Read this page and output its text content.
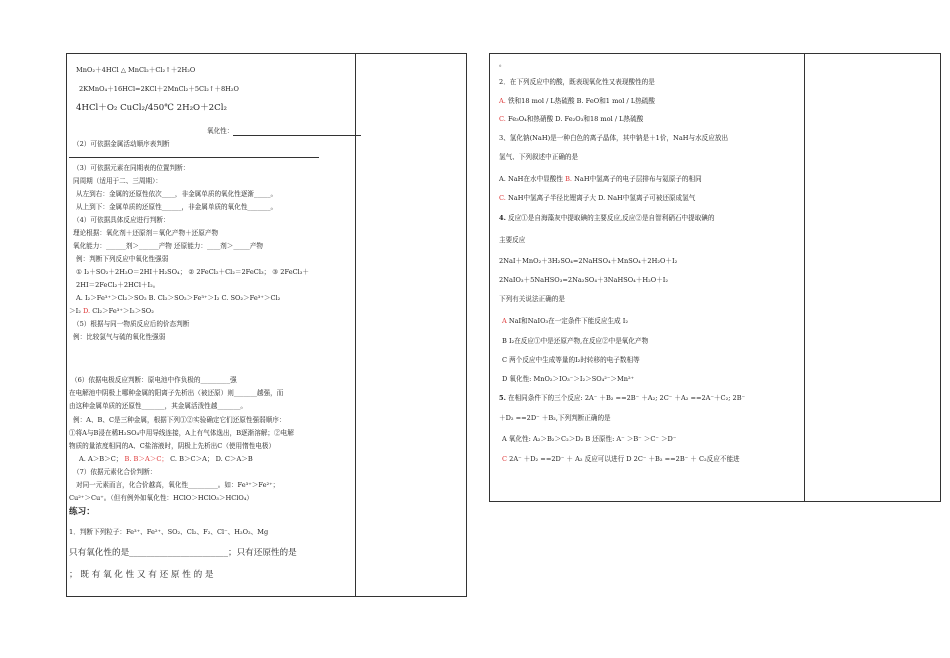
MnO₂＋4HCl △ MnCl₂＋Cl₂↑＋2H₂O
2KMnO₄＋16HCl=2KCl＋2MnCl₂＋5Cl₂↑＋8H₂O
4HCl＋O₂ CuCl₂/450℃ 2H₂O＋2Cl₂
氧化性：
（2）可依据金属活动顺序表判断
（3）可依据元素在同期表的位置判断：
同周期（适用于二、三周期）：
从左到右：金属的还原性依次____，非金属单质的氧化性逐渐_____。
从上到下：金属单质的还原性______，非金属单质的氧化性_______。
（4）可依据具体反应进行判断：
理论根据：氧化剂＋还原剂＝氧化产物＋还原产物
氧化能力：______剂＞______产物 还原能力：____剂＞_____产物
例：判断下列反应中氧化性强弱
① I₂＋SO₂＋2H₂O＝2HI＋H₂SO₄； ② 2FeCl₂＋Cl₂＝2FeCl₃； ③ 2FeCl₃＋
2HI＝2FeCl₂＋2HCl＋I₂。
A. I₂＞Fe³⁺＞Cl₂＞SO₂ B. Cl₂＞SO₂＞Fe³⁺＞I₂ C. SO₂＞Fe³⁺＞Cl₂
＞I₂ D. Cl₂＞Fe³⁺＞I₂＞SO₂
（5）根据与同一物质反应后的价态判断
例：比较氯气与硫的氧化性强弱
（6）依据电极反应判断：原电池中作负极的_________强
在电解池中阴极上哪种金属的阳离子先析出（被还原）则_______越强，而
由这种金属单质的还原性_______，其金属活泼性越_______。
例：A、B、C是三种金属，根据下列①②实验确定它们还原性强弱顺序：
①将A与B浸在稀H₂SO₄中用导线连接，A上有气体逸出，B逐渐溶解；②电解
物质的量浓度相同的A、C盐溶液时，阴极上先析出C（使用惰性电极）
A. A＞B＞C； B. B＞A＞C； C. B＞C＞A； D. C＞A＞B
（7）依据元素化合价判断：
对同一元素而言，化合价越高，氧化性_________。如：Fe³⁺＞Fe²⁺；
Cu²⁺＞Cu⁺。（但有例外如氧化性：HClO＞HClO₃＞HClO₄）
练习：
1．判断下列粒子：Fe³⁺、Fe²⁺、SO₂、Cl₂、F₂、Cl⁻、H₂O₂、Mg
只有氧化性的是_______________________；只有还原性的是
； 既 有 氧 化 性 又 有 还 原 性 的 是
。
2．在下列反应中的酸，既表现氧化性又表现酸性的是
A. 铁和18 mol / L热硫酸 B. FeO和1 mol / L热硫酸
C. Fe₃O₄和热硝酸 D. Fe₂O₃和18 mol / L热硫酸
3、氢化钠(NaH)是一种白色的离子晶体，其中钠是＋1价，NaH与水反应放出
氢气、下列叙述中正确的是
A. NaH在水中显酸性 B. NaH中氢离子的电子层排布与氦原子的相同
C. NaH中氢离子半径比锂离子大 D. NaH中氢离子可被还原成氢气
4. 反应①是自海藻灰中提取碘的主要反应,反应②是自智利硝石中提取碘的
主要反应
2NaI＋MnO₂＋3H₂SO₄=2NaHSO₄＋MnSO₄＋2H₂O＋I₂
2NaIO₃＋5NaHSO₃=2Na₂SO₄＋3NaHSO₄＋H₂O＋I₂
下列有关说法正确的是
A NaI和NaIO₃在一定条件下能反应生成 I₂
B I₂在反应①中是还原产物,在反应②中是氧化产物
C 两个反应中生成等量的I₂时转移的电子数相等
D 氧化性: MnO₂＞IO₃⁻＞I₂＞SO₄²⁻＞Mn²⁺
5. 在相同条件下的三个反应: 2A⁻ ＋B₂ ==2B⁻ ＋A₂; 2C⁻ ＋A₂ ==2A⁻＋C₂; 2B⁻
＋D₂ ==2D⁻ ＋B₂,下列判断正确的是
A 氧化性: A₂＞B₂＞C₂＞D₂ B 还原性: A⁻ ＞B⁻ ＞C⁻ ＞D⁻
C 2A⁻ ＋D₂ ==2D⁻ ＋ A₂ 反应可以进行 D 2C⁻ ＋B₂ ==2B⁻ ＋ C₂反应不能进
